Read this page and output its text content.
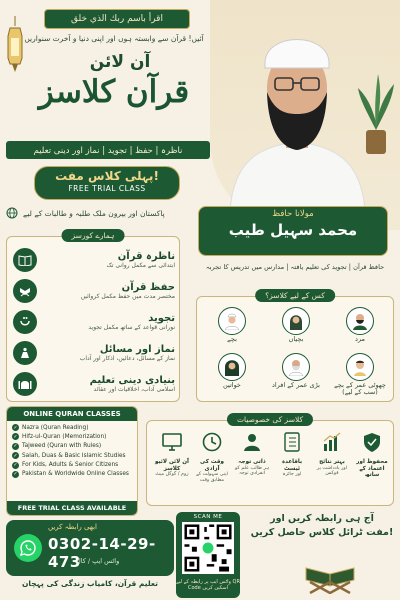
اقرأ باسم ربك الذي خلق
آئیں! قرآن سے وابستہ ہوں اور اپنی دنیا و آخرت سنواریں
آن لائن
قرآن کلاسز
ناظرہ | حفظ | تجوید | نماز اور دینی تعلیم
پہلی کلاس مفت!
FREE TRIAL CLASS
پاکستان اور بیرون ملک طلبہ و طالبات کے لیے	مولانا حافظ
محمد سہیل طیب
حافظ قرآن | تجوید کی تعلیم یافتہ | مدارس میں تدریس کا تجربہ
ہمارے کورسز
ناظرہ قرآن
ابتدائی سے مکمل روانی تک
حفظ قرآن
مختصر مدت میں حفظ مکمل کروائیں
تجوید
نورانی قواعد کے ساتھ مکمل تجوید
نماز اور مسائل
نماز کے مسائل، دعائیں، اذکار اور آداب
بنیادی دینی تعلیم
اسلامی آداب، اخلاقیات اور عقائد
کس کے لیے کلاسز؟
مرد
بچیاں
بچے
چھوٹی عمر کے بچے (سب کے لیے)
بڑی عمر کے افراد
خواتین
ONLINE QURAN CLASSES
✓ Nazra (Quran Reading)
✓ Hifz-ul-Quran (Memorization)
✓ Tajweed (Quran with Rules)
✓ Salah, Duas & Basic Islamic Studies
✓ For Kids, Adults & Senior Citizens
✓ Pakistan & Worldwide Online Classes
FREE TRIAL CLASS AVAILABLE
کلاسز کی خصوصیات
محفوظ اور اعتماد کے ساتھ
بہتر نتائج
اور یادداشت پر فوکس
باقاعدہ ٹیسٹ
اور جائزہ
ذاتی توجہ
ہر طالب علم کو انفرادی توجہ
وقت کی آزادی
اپنی سہولت کے مطابق وقت
آن لائن لائیو کلاسز
زوم / گوگل میٹ
ابھی رابطہ کریں
0302-14-29-473
واٹس ایپ / کال
SCAN ME
واٹس ایپ پر رابطہ کے لیے QR Code اسکین کریں
آج ہی رابطہ کریں اور
مفت ٹرائل کلاس حاصل کریں!
تعلیم قرآن، کامیاب زندگی کی پہچان
